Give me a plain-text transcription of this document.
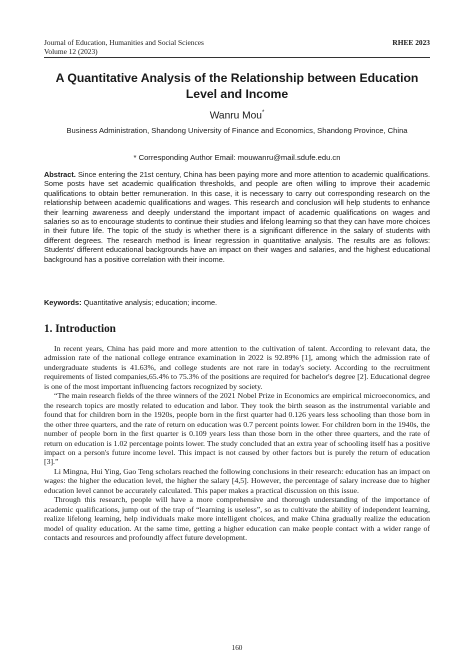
Journal of Education, Humanities and Social Sciences	RHEE 2023
Volume 12 (2023)
A Quantitative Analysis of the Relationship between Education Level and Income
Wanru Mou*
Business Administration, Shandong University of Finance and Economics, Shandong Province, China
* Corresponding Author Email: mouwanru@mail.sdufe.edu.cn
Abstract. Since entering the 21st century, China has been paying more and more attention to academic qualifications. Some posts have set academic qualification thresholds, and people are often willing to improve their academic qualifications to obtain better remuneration. In this case, it is necessary to carry out corresponding research on the relationship between academic qualifications and wages. This research and conclusion will help students to enhance their learning awareness and deeply understand the important impact of academic qualifications on wages and salaries so as to encourage students to continue their studies and lifelong learning so that they can have more choices in their future life. The topic of the study is whether there is a significant difference in the salary of students with different degrees. The research method is linear regression in quantitative analysis. The results are as follows: Students' different educational backgrounds have an impact on their wages and salaries, and the highest educational background has a positive correlation with their income.
Keywords: Quantitative analysis; education; income.
1. Introduction

In recent years, China has paid more and more attention to the cultivation of talent. According to relevant data, the admission rate of the national college entrance examination in 2022 is 92.89% [1], among which the admission rate of undergraduate students is 41.63%, and college students are not rare in today's society. According to the recruitment requirements of listed companies,65.4% to 75.3% of the positions are required for bachelor's degree [2]. Educational degree is one of the most important influencing factors recognized by society.

“The main research fields of the three winners of the 2021 Nobel Prize in Economics are empirical microeconomics, and the research topics are mostly related to education and labor. They took the birth season as the instrumental variable and found that for children born in the 1920s, people born in the first quarter had 0.126 years less schooling than those born in the other three quarters, and the rate of return on education was 0.7 percent points lower. For children born in the 1940s, the number of people born in the first quarter is 0.109 years less than those born in the other three quarters, and the rate of return on education is 1.02 percentage points lower. The study concluded that an extra year of schooling itself has a positive impact on a person's future income level. This impact is not caused by other factors but is purely the return of education [3].”

Li Mingna, Hui Ying, Gao Teng scholars reached the following conclusions in their research: education has an impact on wages: the higher the education level, the higher the salary [4,5]. However, the percentage of salary increase due to higher education level cannot be accurately calculated. This paper makes a practical discussion on this issue.

Through this research, people will have a more comprehensive and thorough understanding of the importance of academic qualifications, jump out of the trap of “learning is useless”, so as to cultivate the ability of independent learning, realize lifelong learning, help individuals make more intelligent choices, and make China gradually realize the education model of quality education. At the same time, getting a higher education can make people contact with a wider range of contacts and resources and profoundly affect future development.

160
